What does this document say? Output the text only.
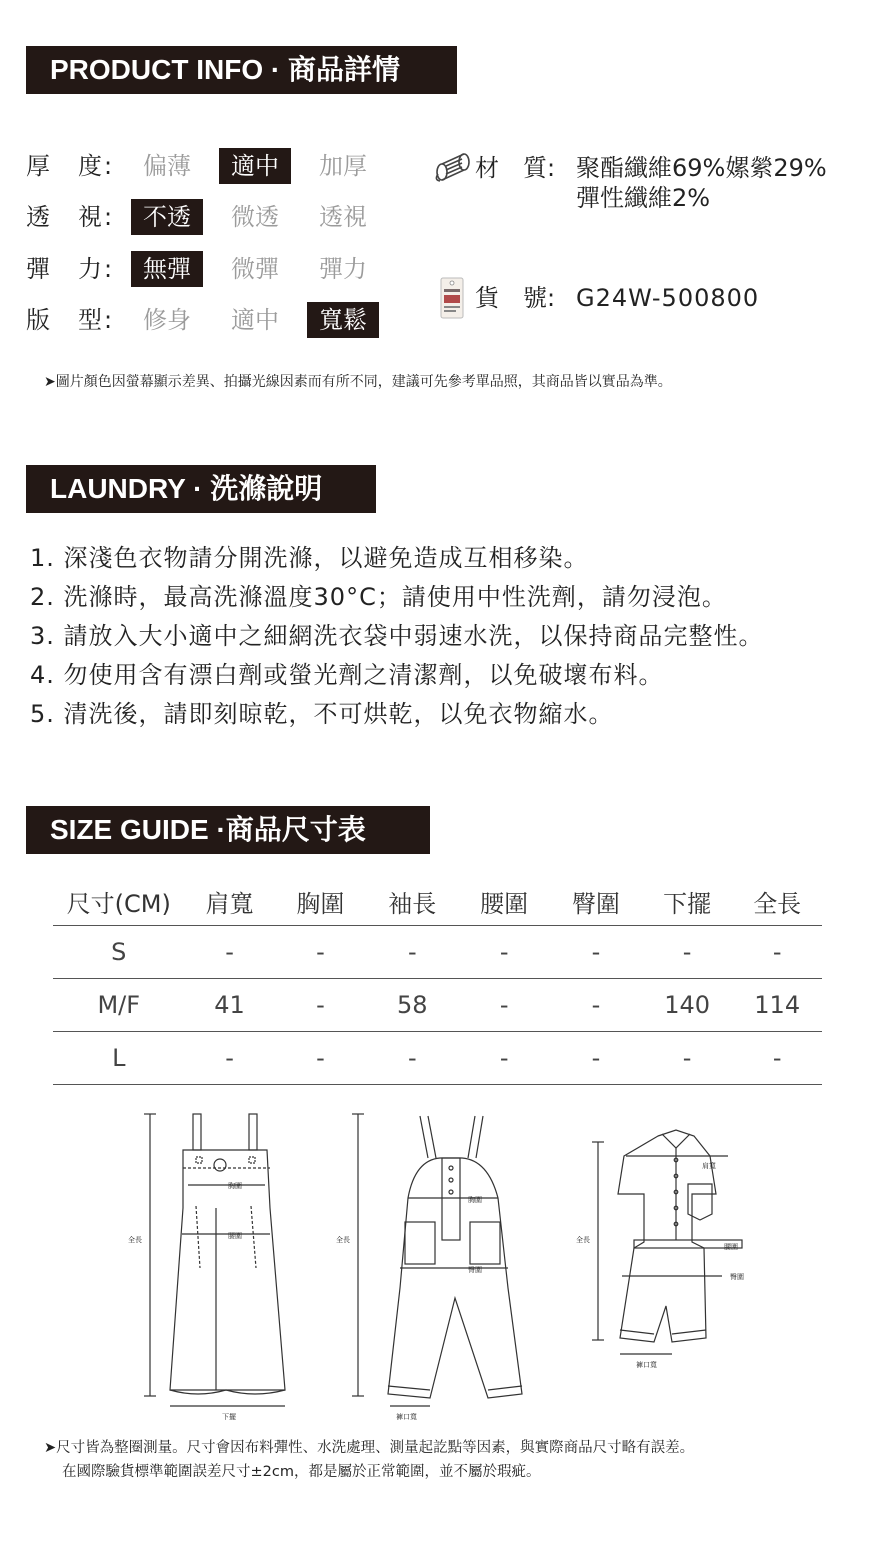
PRODUCT INFO · 商品詳情
厚　度:	偏薄	適中	加厚
透　視:	不透	微透	透視
彈　力:	無彈	微彈	彈力
版　型:	修身	適中	寬鬆
材　質: 聚酯纖維69%嫘縈29%
彈性纖維2%
貨　號: G24W-500800
➤圖片顏色因螢幕顯示差異、拍攝光線因素而有所不同，建議可先參考單品照，其商品皆以實品為準。
LAUNDRY · 洗滌說明
1. 深淺色衣物請分開洗滌，以避免造成互相移染。
2. 洗滌時，最高洗滌溫度30°C；請使用中性洗劑，請勿浸泡。
3. 請放入大小適中之細網洗衣袋中弱速水洗，以保持商品完整性。
4. 勿使用含有漂白劑或螢光劑之清潔劑，以免破壞布料。
5. 清洗後，請即刻晾乾，不可烘乾，以免衣物縮水。
SIZE GUIDE ·商品尺寸表
尺寸(CM)	肩寬	胸圍	袖長	腰圍	臀圍	下擺	全長
S	-	-	-	-	-	-	-
M/F	41	-	58	-	-	140	114
L	-	-	-	-	-	-	-
全長
胸圍
腰圍
下擺
全長
胸圍
臀圍
褲口寬
全長
肩寬
腰圍
臀圍
褲口寬
➤尺寸皆為整圈測量。尺寸會因布料彈性、水洗處理、測量起訖點等因素，與實際商品尺寸略有誤差。
在國際驗貨標準範圍誤差尺寸±2cm，都是屬於正常範圍，並不屬於瑕疵。
